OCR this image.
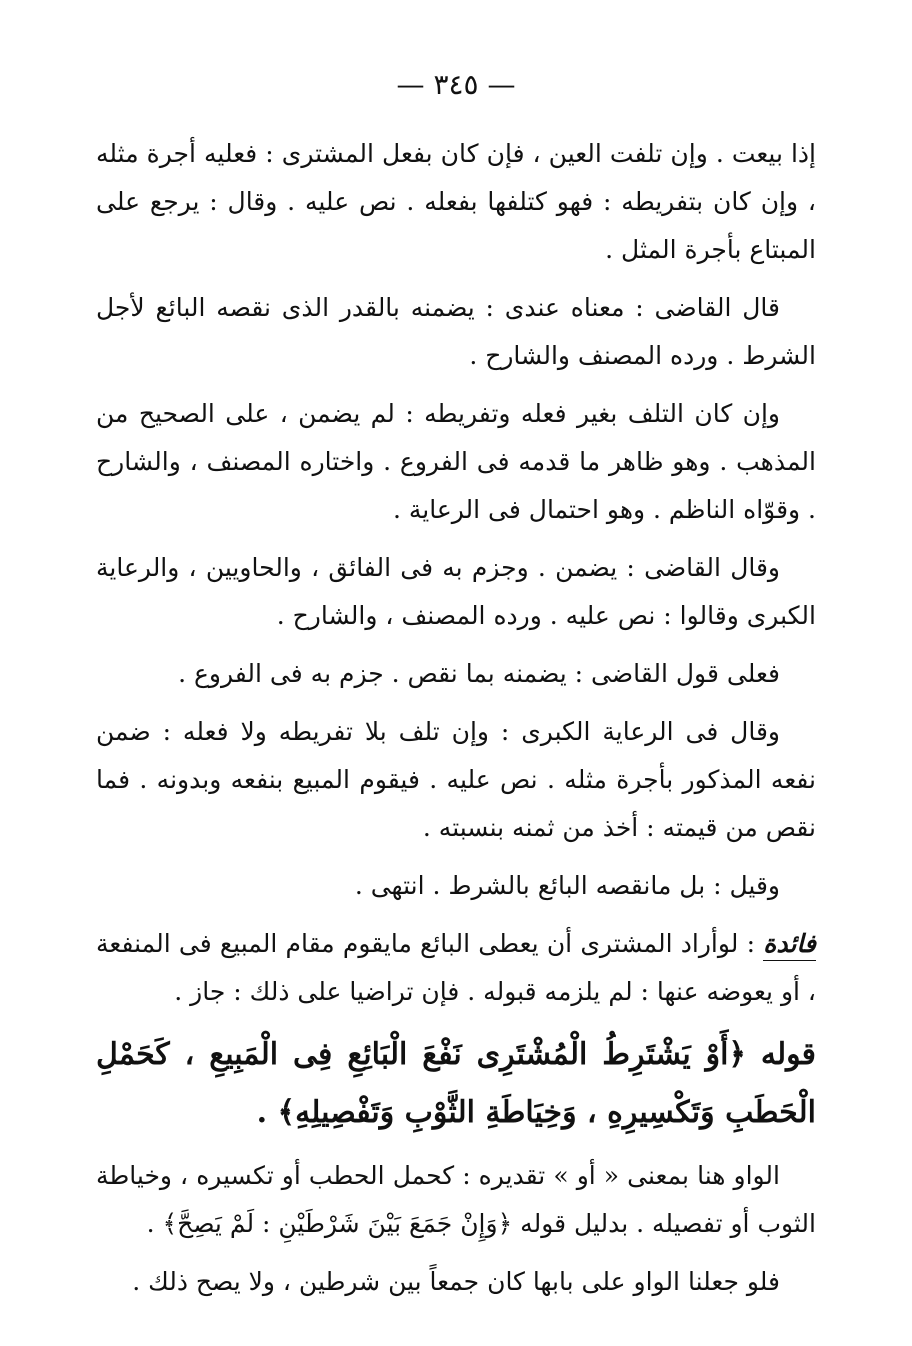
— ٣٤٥ —

إذا بيعت . وإن تلفت العين ، فإن كان بفعل المشترى : فعليه أجرة مثله ، وإن كان بتفريطه : فهو كتلفها بفعله . نص عليه . وقال : يرجع على المبتاع بأجرة المثل .

قال القاضى : معناه عندى : يضمنه بالقدر الذى نقصه البائع لأجل الشرط . ورده المصنف والشارح .

وإن كان التلف بغير فعله وتفريطه : لم يضمن ، على الصحيح من المذهب . وهو ظاهر ما قدمه فى الفروع . واختاره المصنف ، والشارح . وقوّاه الناظم . وهو احتمال فى الرعاية .

وقال القاضى : يضمن . وجزم به فى الفائق ، والحاويين ، والرعاية الكبرى وقالوا : نص عليه . ورده المصنف ، والشارح .

فعلى قول القاضى : يضمنه بما نقص . جزم به فى الفروع .

وقال فى الرعاية الكبرى : وإن تلف بلا تفريطه ولا فعله : ضمن نفعه المذكور بأجرة مثله . نص عليه . فيقوم المبيع بنفعه وبدونه . فما نقص من قيمته : أخذ من ثمنه بنسبته .

وقيل : بل مانقصه البائع بالشرط . انتهى .

فائدة : لوأراد المشترى أن يعطى البائع مايقوم مقام المبيع فى المنفعة ، أو يعوضه عنها : لم يلزمه قبوله . فإن تراضيا على ذلك : جاز .

قوله ﴿أَوْ يَشْتَرِطُ الْمُشْتَرِى نَفْعَ الْبَائِعِ فِى الْمَبِيعِ ، كَحَمْلِ الْحَطَبِ وَتَكْسِيرِهِ ، وَخِيَاطَةِ الثَّوْبِ وَتَفْصِيلِهِ﴾ .

الواو هنا بمعنى « أو » تقديره : كحمل الحطب أو تكسيره ، وخياطة الثوب أو تفصيله . بدليل قوله ﴿وَإِنْ جَمَعَ بَيْنَ شَرْطَيْنِ : لَمْ يَصِحَّ﴾ .

فلو جعلنا الواو على بابها كان جمعاً بين شرطين ، ولا يصح ذلك .
